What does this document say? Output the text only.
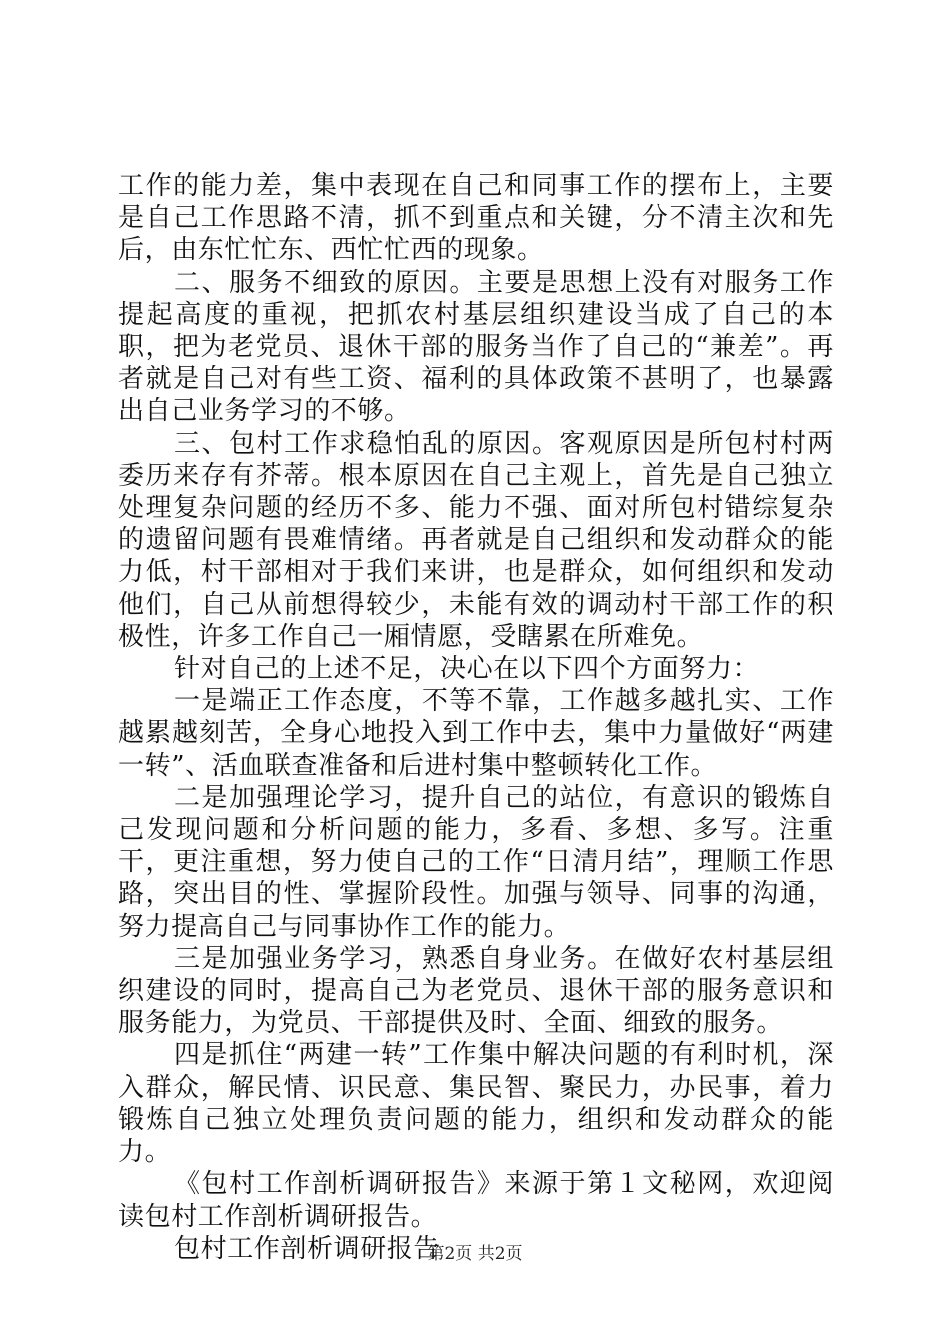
工作的能力差，集中表现在自己和同事工作的摆布上，主要是自己工作思路不清，抓不到重点和关键，分不清主次和先后，由东忙忙东、西忙忙西的现象。

二、服务不细致的原因。主要是思想上没有对服务工作提起高度的重视，把抓农村基层组织建设当成了自己的本职，把为老党员、退休干部的服务当作了自己的“兼差”。再者就是自己对有些工资、福利的具体政策不甚明了，也暴露出自己业务学习的不够。

三、包村工作求稳怕乱的原因。客观原因是所包村村两委历来存有芥蒂。根本原因在自己主观上，首先是自己独立处理复杂问题的经历不多、能力不强、面对所包村错综复杂的遗留问题有畏难情绪。再者就是自己组织和发动群众的能力低，村干部相对于我们来讲，也是群众，如何组织和发动他们，自己从前想得较少，未能有效的调动村干部工作的积极性，许多工作自己一厢情愿，受瞎累在所难免。

针对自己的上述不足，决心在以下四个方面努力：

一是端正工作态度，不等不靠，工作越多越扎实、工作越累越刻苦，全身心地投入到工作中去，集中力量做好“两建一转”、活血联查准备和后进村集中整顿转化工作。

二是加强理论学习，提升自己的站位，有意识的锻炼自己发现问题和分析问题的能力，多看、多想、多写。注重干，更注重想，努力使自己的工作“日清月结”，理顺工作思路，突出目的性、掌握阶段性。加强与领导、同事的沟通，努力提高自己与同事协作工作的能力。

三是加强业务学习，熟悉自身业务。在做好农村基层组织建设的同时，提高自己为老党员、退休干部的服务意识和服务能力，为党员、干部提供及时、全面、细致的服务。

四是抓住“两建一转”工作集中解决问题的有利时机，深入群众，解民情、识民意、集民智、聚民力，办民事，着力锻炼自己独立处理负责问题的能力，组织和发动群众的能力。

《包村工作剖析调研报告》来源于第１文秘网，欢迎阅读包村工作剖析调研报告。

包村工作剖析调研报告

第2页 共2页
